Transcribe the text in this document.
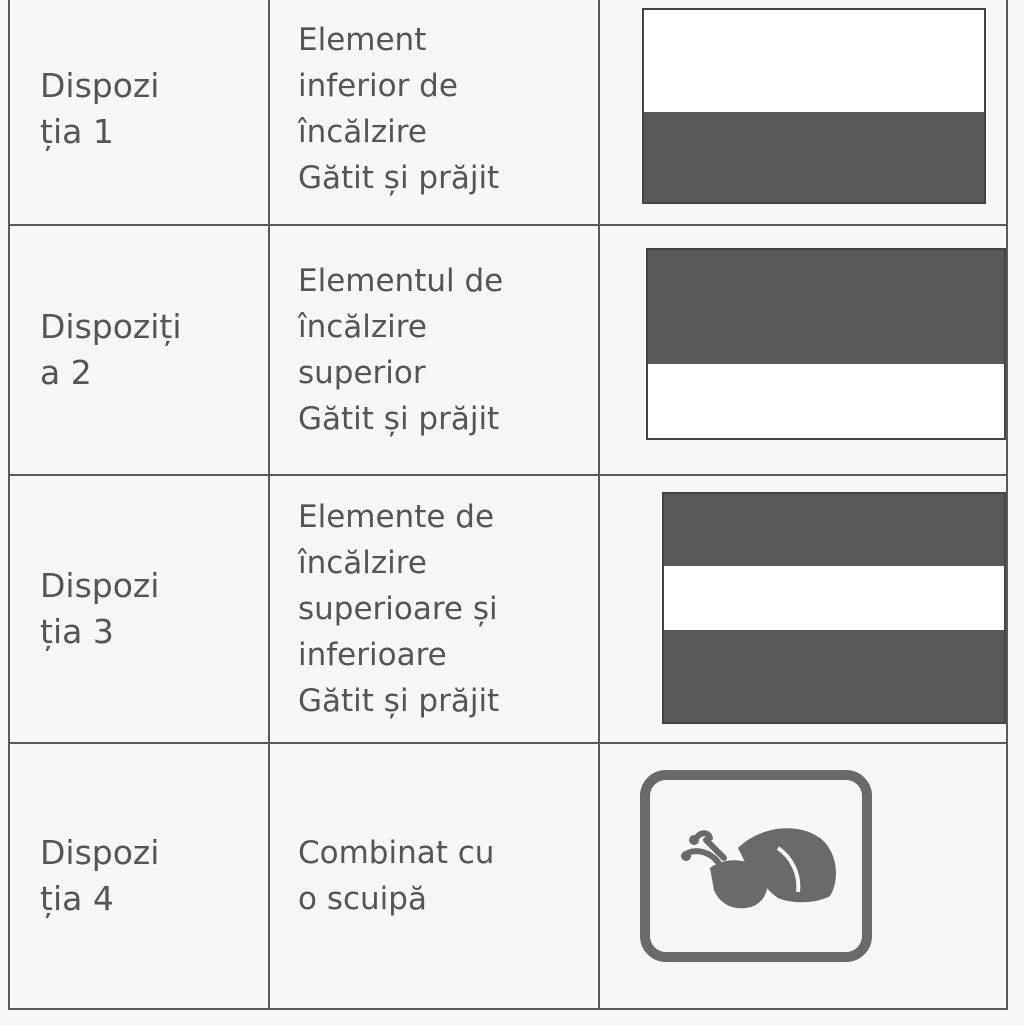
Dispozi
ția 1	Element
inferior de
încălzire
Gătit și prăjit	

Dispoziți
a 2	Elementul de
încălzire
superior
Gătit și prăjit	

Dispozi
ția 3	Elemente de
încălzire
superioare și
inferioare
Gătit și prăjit	

Dispozi
ția 4	Combinat cu
o scuipă
